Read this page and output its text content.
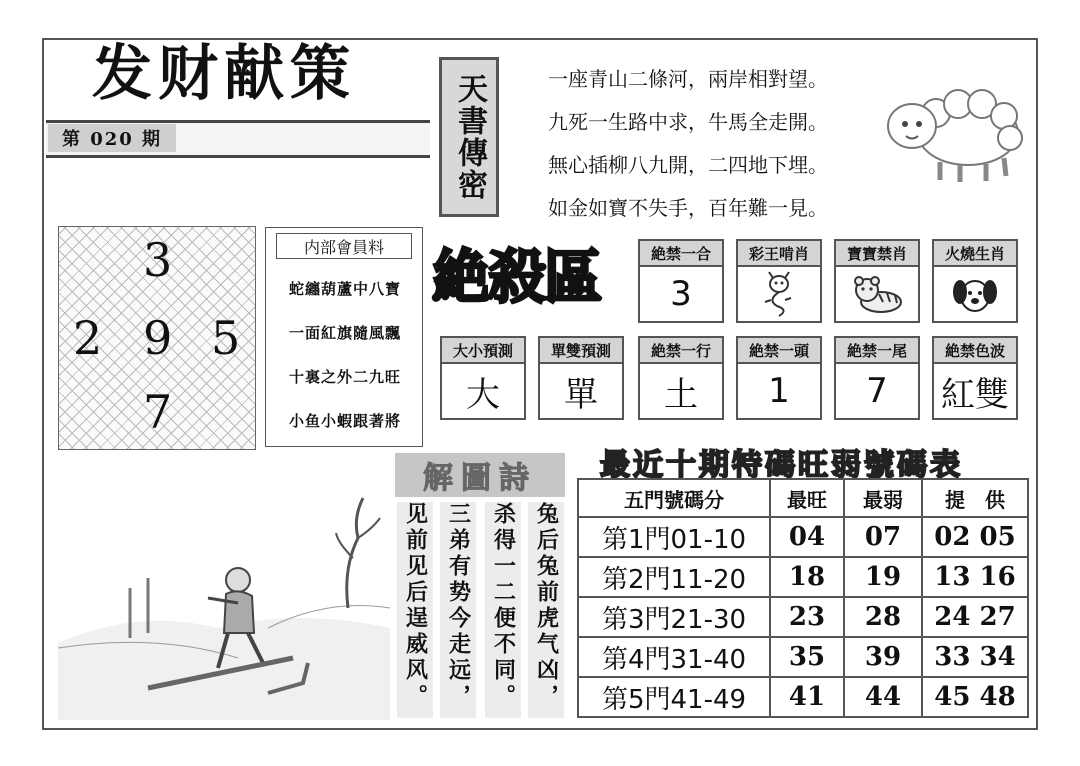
发财献策
第 020 期	天書傳密	一座青山二條河，兩岸相對望。
九死一生路中求，牛馬全走開。
無心插柳八九開，二四地下埋。
如金如寶不失手，百年難一見。
3
2 9 5
7
内部會員料
蛇纏葫蘆中八寶
一面紅旗隨風飄
十裏之外二九旺
小鱼小蝦跟著將
絶殺區	絶禁一合
3
彩王啃肖	寶寶禁肖	火燒生肖
大小預測
大
單雙預測
單
絶禁一行
土
絶禁一頭
1
絶禁一尾
7
絶禁色波
紅雙
解圖詩
见前见后逞威风。 三弟有势今走远， 杀得一二便不同。 兔后兔前虎气凶，
最近十期特碼旺弱號碼表
五門號碼分	最旺	最弱	提　供
第1門01-10	04	07	02 05
第2門11-20	18	19	13 16
第3門21-30	23	28	24 27
第4門31-40	35	39	33 34
第5門41-49	41	44	45 48
